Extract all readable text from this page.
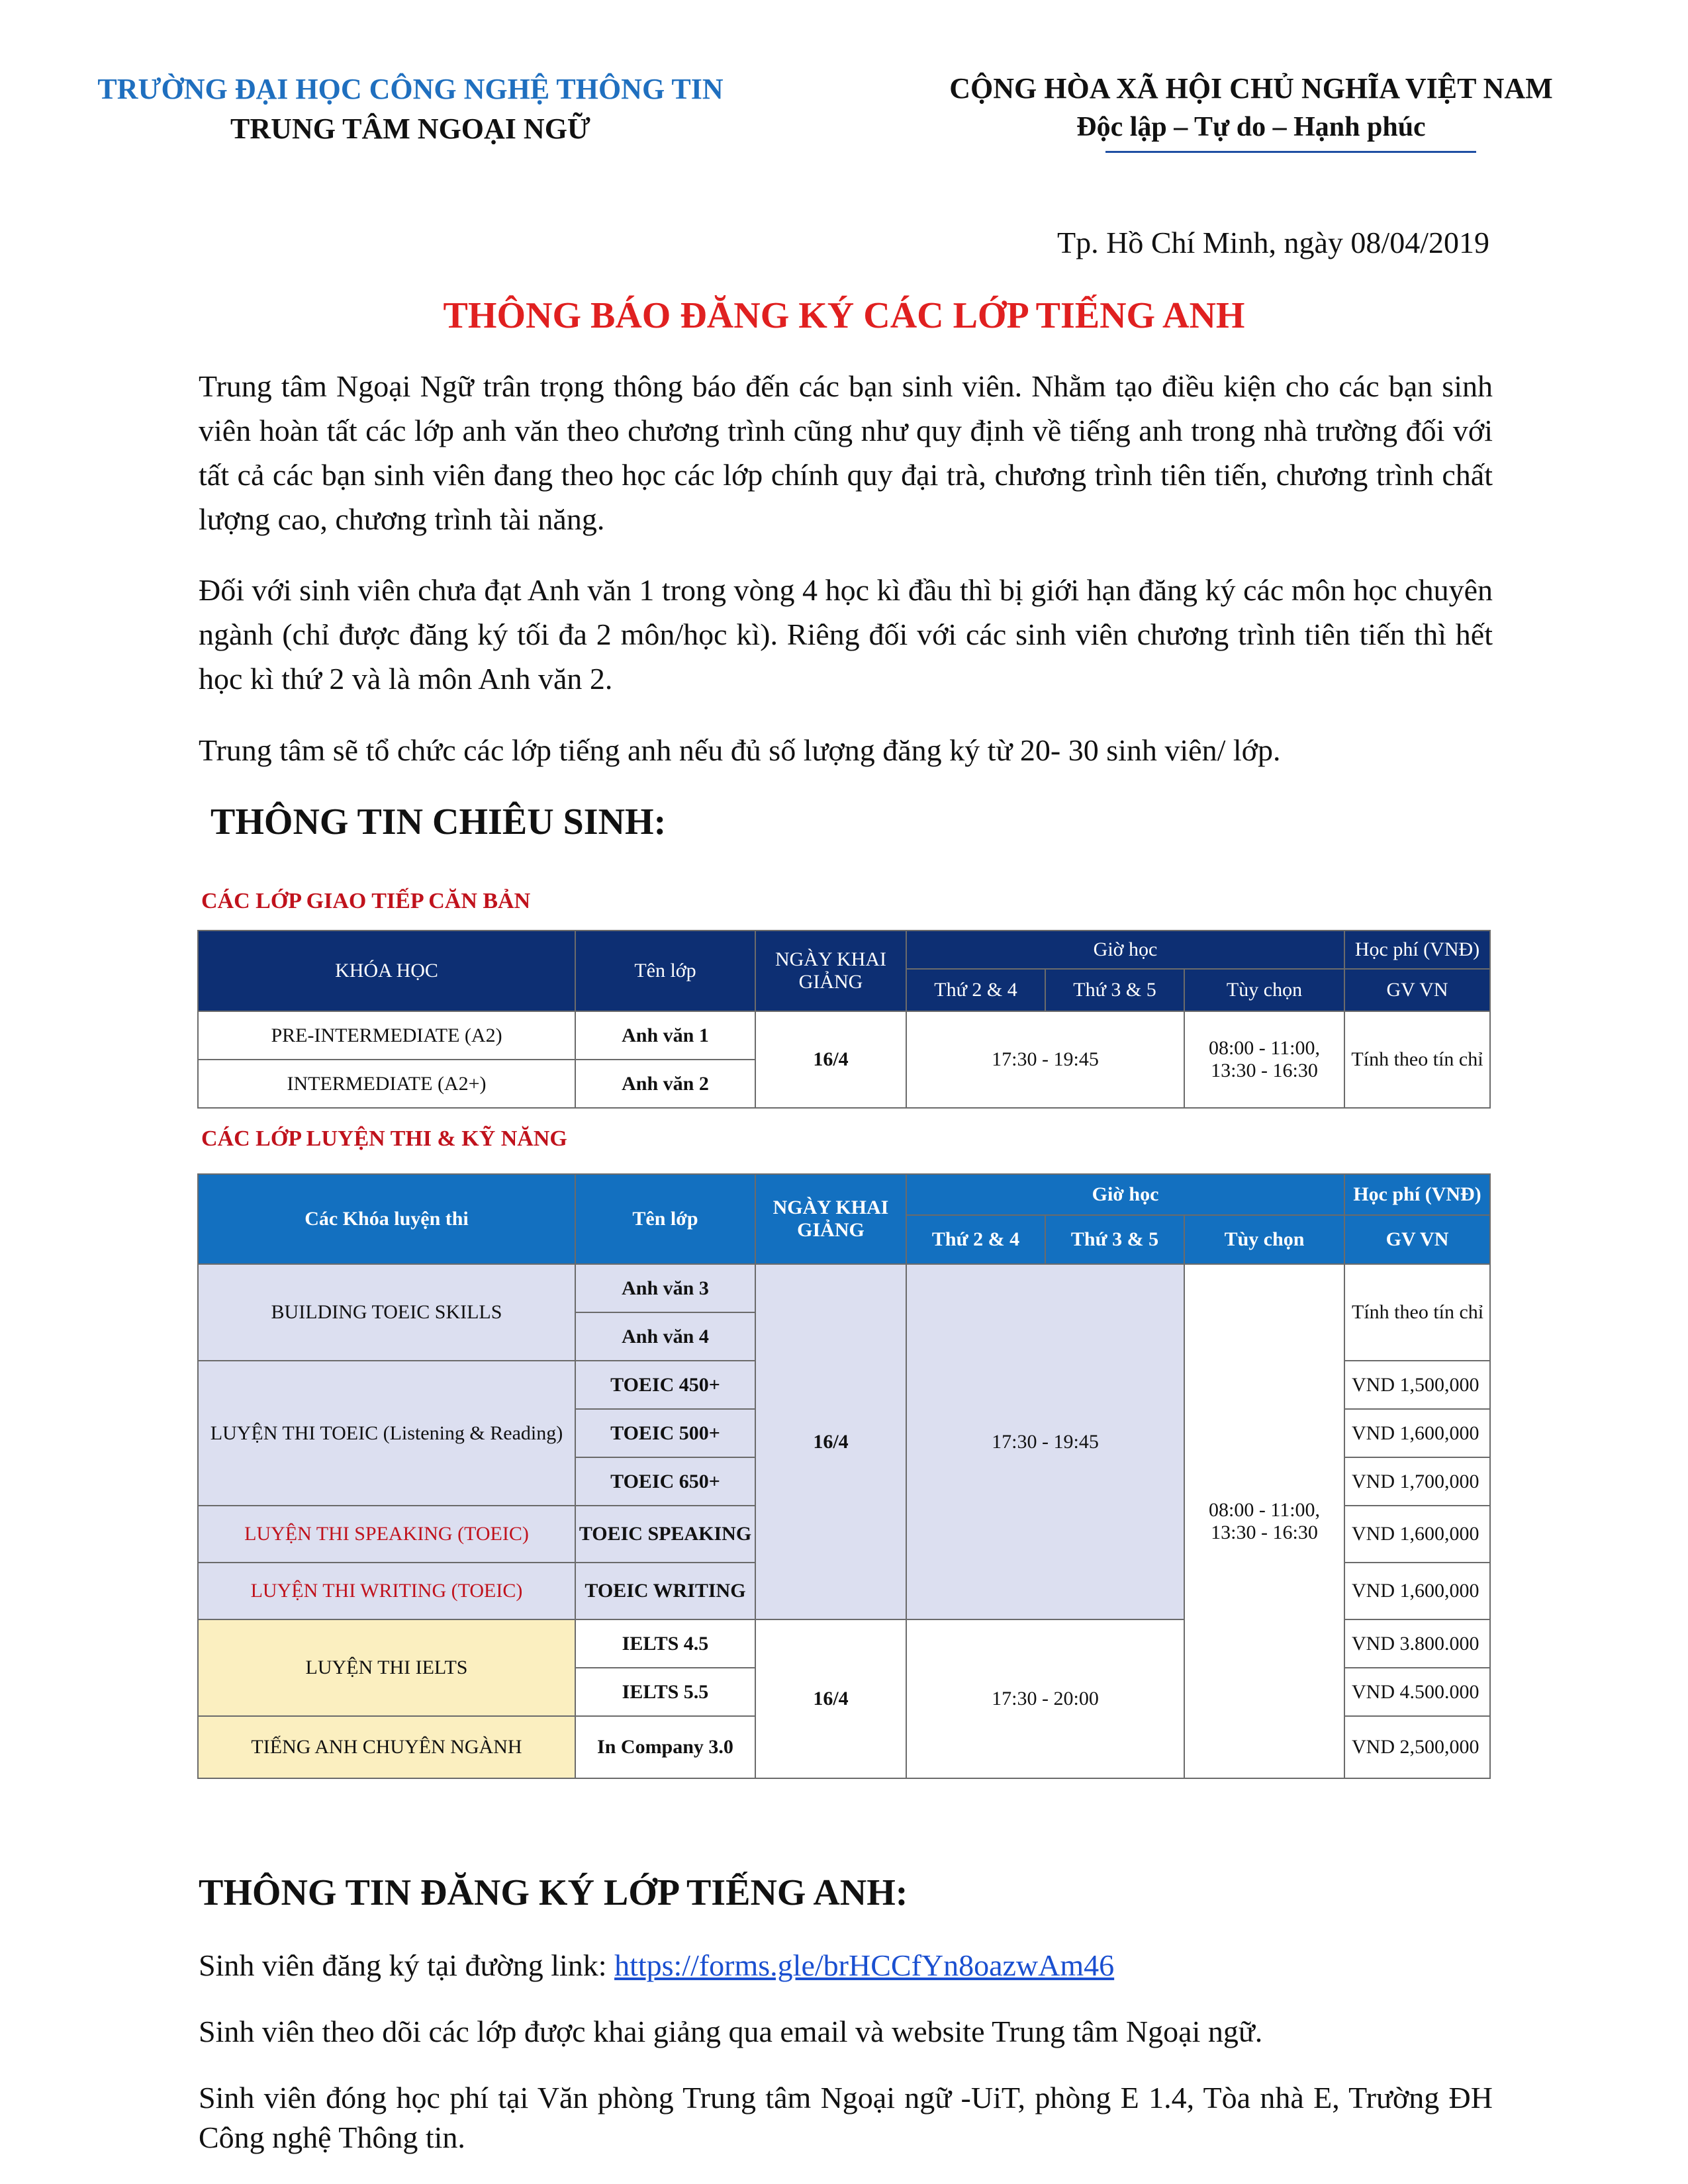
TRƯỜNG ĐẠI HỌC CÔNG NGHỆ THÔNG TIN
TRUNG TÂM NGOẠI NGỮ
CỘNG HÒA XÃ HỘI CHỦ NGHĨA VIỆT NAM
Độc lập – Tự do – Hạnh phúc
Tp. Hồ Chí Minh, ngày 08/04/2019
THÔNG BÁO ĐĂNG KÝ CÁC LỚP TIẾNG ANH
Trung tâm Ngoại Ngữ trân trọng thông báo đến các bạn sinh viên. Nhằm tạo điều kiện cho các bạn sinh viên hoàn tất các lớp anh văn theo chương trình cũng như quy định về tiếng anh trong nhà trường đối với tất cả các bạn sinh viên đang theo học các lớp chính quy đại trà, chương trình tiên tiến, chương trình chất lượng cao, chương trình tài năng.
Đối với sinh viên chưa đạt Anh văn 1 trong vòng 4 học kì đầu thì bị giới hạn đăng ký các môn học chuyên ngành (chỉ được đăng ký tối đa 2 môn/học kì). Riêng đối với các sinh viên chương trình tiên tiến thì hết học kì thứ 2 và là môn Anh văn 2.
Trung tâm sẽ tổ chức các lớp tiếng anh nếu đủ số lượng đăng ký từ 20- 30 sinh viên/ lớp.
THÔNG TIN CHIÊU SINH:
CÁC LỚP GIAO TIẾP CĂN BẢN
KHÓA HỌC	Tên lớp	NGÀY KHAI GIẢNG	Giờ học			Học phí (VNĐ)
			Thứ 2 & 4	Thứ 3 & 5	Tùy chọn	GV VN
PRE-INTERMEDIATE (A2)	Anh văn 1	16/4	17:30 - 19:45		08:00 - 11:00, 13:30 - 16:30	Tính theo tín chỉ
INTERMEDIATE (A2+)	Anh văn 2					
CÁC LỚP LUYỆN THI & KỸ NĂNG
Các Khóa luyện thi	Tên lớp	NGÀY KHAI GIẢNG	Giờ học			Học phí (VNĐ)
			Thứ 2 & 4	Thứ 3 & 5	Tùy chọn	GV VN
BUILDING TOEIC SKILLS	Anh văn 3	16/4	17:30 - 19:45		08:00 - 11:00, 13:30 - 16:30	Tính theo tín chỉ
	Anh văn 4					
LUYỆN THI TOEIC (Listening & Reading)	TOEIC 450+					VND 1,500,000
	TOEIC 500+					VND 1,600,000
	TOEIC 650+					VND 1,700,000
LUYỆN THI SPEAKING (TOEIC)	TOEIC SPEAKING					VND 1,600,000
LUYỆN THI WRITING (TOEIC)	TOEIC WRITING					VND 1,600,000
LUYỆN THI IELTS	IELTS 4.5	16/4	17:30 - 20:00			VND 3.800.000
	IELTS 5.5					VND 4.500.000
TIẾNG ANH CHUYÊN NGÀNH	In Company 3.0					VND 2,500,000
THÔNG TIN ĐĂNG KÝ LỚP TIẾNG ANH:
Sinh viên đăng ký tại đường link: https://forms.gle/brHCCfYn8oazwAm46
Sinh viên theo dõi các lớp được khai giảng qua email và website Trung tâm Ngoại ngữ.
Sinh viên đóng học phí tại Văn phòng Trung tâm Ngoại ngữ -UiT, phòng E 1.4, Tòa nhà E, Trường ĐH Công nghệ Thông tin.
